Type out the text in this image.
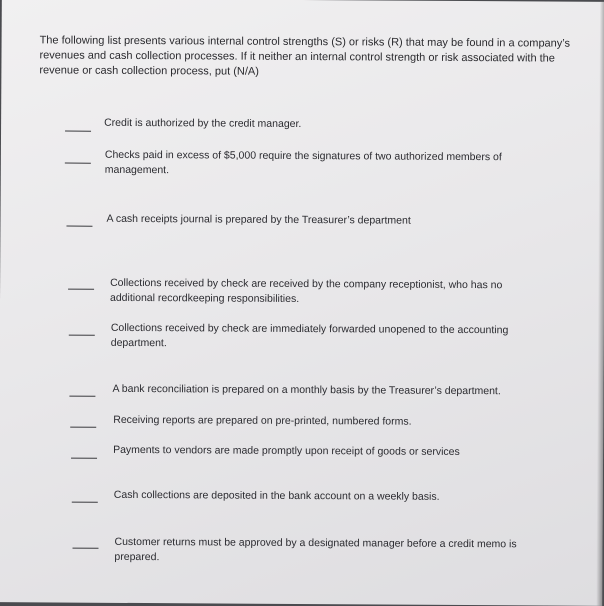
The following list presents various internal control strengths (S) or risks (R) that may be found in a company’s revenues and cash collection processes. If it neither an internal control strength or risk associated with the revenue or cash collection process, put (N/A)

Credit is authorized by the credit manager.
Checks paid in excess of $5,000 require the signatures of two authorized members of management.
A cash receipts journal is prepared by the Treasurer’s department
Collections received by check are received by the company receptionist, who has no additional recordkeeping responsibilities.
Collections received by check are immediately forwarded unopened to the accounting department.
A bank reconciliation is prepared on a monthly basis by the Treasurer’s department.
Receiving reports are prepared on pre-printed, numbered forms.
Payments to vendors are made promptly upon receipt of goods or services
Cash collections are deposited in the bank account on a weekly basis.
Customer returns must be approved by a designated manager before a credit memo is prepared.
